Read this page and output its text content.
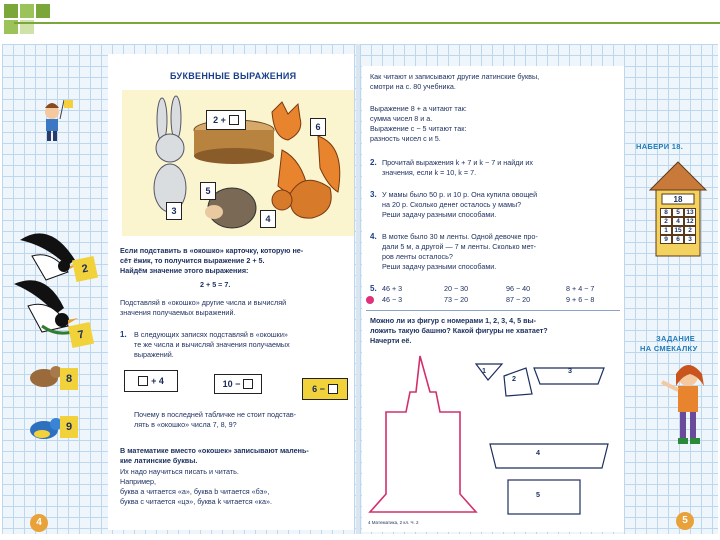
2
7
8
9
БУКВЕННЫЕ ВЫРАЖЕНИЯ
2 +
6
5
3
4
Если подставить в «окошко» карточку, которую не-
сёт ёжик, то получится выражение 2 + 5.
Найдём значение этого выражения:
2 + 5 = 7.
Подставляй в «окошко» другие числа и вычисляй
значения получаемых выражений.
1. В следующих записях подставляй в «окошки»
те же числа и вычисляй значения получаемых
выражений.
+ 4	10 −	6 −
Почему в последней табличке не стоит подстав-
лять в «окошко» числа 7, 8, 9?
В математике вместо «окошек» записывают малень-
кие латинские буквы.
Их надо научиться писать и читать.
Например,
буква a читается «а», буква b читается «бэ»,
буква c читается «цэ», буква k читается «ка».
4
Как читают и записывают другие латинские буквы,
смотри на с. 80 учебника.
Выражение 8 + a читают так:
сумма чисел 8 и a.
Выражение c − 5 читают так:
разность чисел c и 5.
2. Прочитай выражения k + 7 и k − 7 и найди их
значения, если k = 10, k = 7.
3. У мамы было 50 р. и 10 р. Она купила овощей
на 20 р. Сколько денег осталось у мамы?
Реши задачу разными способами.
4. В мотке было 30 м ленты. Одной девочке про-
дали 5 м, а другой — 7 м ленты. Сколько мет-
ров ленты осталось?
Реши задачу разными способами.
5. 46 + 3	20 − 30	96 − 40	8 + 4 − 7
46 − 3	73 − 20	87 − 20	9 + 6 − 8
Можно ли из фигур с номерами 1, 2, 3, 4, 5 вы-
ложить такую башню? Какой фигуры не хватает?
Начерти её.
1
2
3
4
5
4 Математика, 2 кл. Ч. 2
НАБЕРИ 18.
18
8	5	13
2	4	12
1	15	2
9	6	3
ЗАДАНИЕ
НА СМЕКАЛКУ
5
